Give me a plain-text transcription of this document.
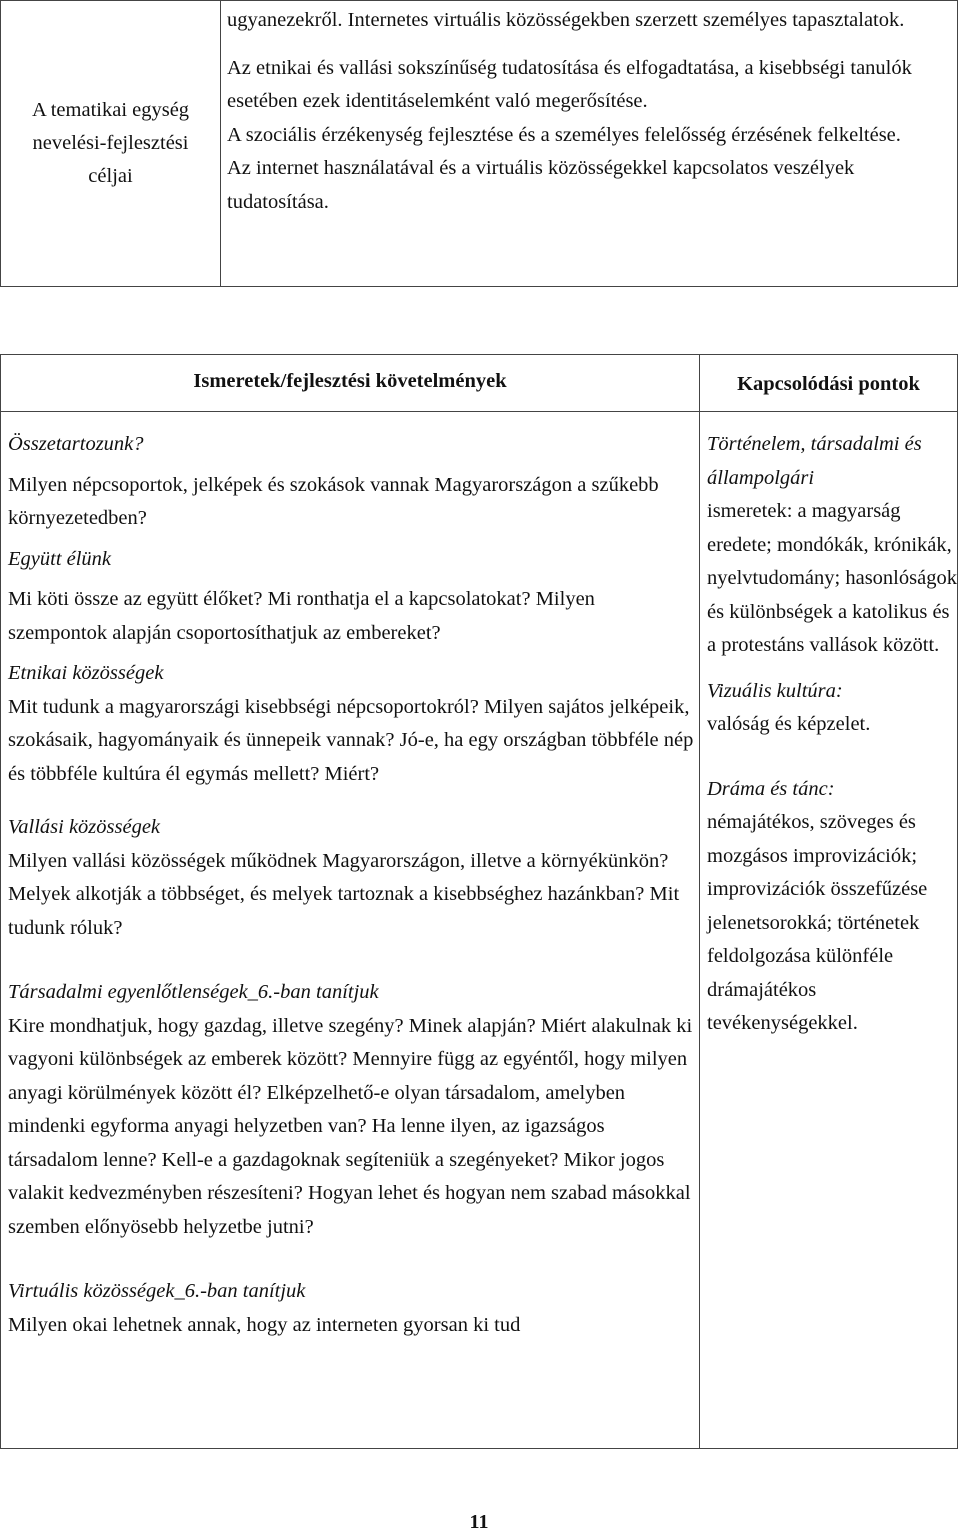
A tematikai egység
nevelési-fejlesztési
céljai

ugyanezekről. Internetes virtuális közösségekben szerzett személyes tapasztalatok.

Az etnikai és vallási sokszínűség tudatosítása és elfogadtatása, a kisebbségi tanulók esetében ezek identitáselemként való megerősítése.

A szociális érzékenység fejlesztése és a személyes felelősség érzésének felkeltése.

Az internet használatával és a virtuális közösségekkel kapcsolatos veszélyek tudatosítása.

Ismeretek/fejlesztési követelmények	Kapcsolódási pontok

Összetartozunk?

Milyen népcsoportok, jelképek és szokások vannak Magyarországon a szűkebb környezetedben?

Együtt élünk

Mi köti össze az együtt élőket? Mi ronthatja el a kapcsolatokat? Milyen szempontok alapján csoportosíthatjuk az embereket?

Etnikai közösségek

Mit tudunk a magyarországi kisebbségi népcsoportokról? Milyen sajátos jelképeik, szokásaik, hagyományaik és ünnepeik vannak? Jó-e, ha egy országban többféle nép és többféle kultúra él egymás mellett? Miért?

Vallási közösségek

Milyen vallási közösségek működnek Magyarországon, illetve a környékünkön? Melyek alkotják a többséget, és melyek tartoznak a kisebbséghez hazánkban? Mit tudunk róluk?

Társadalmi egyenlőtlenségek_6.-ban tanítjuk

Kire mondhatjuk, hogy gazdag, illetve szegény? Minek alapján? Miért alakulnak ki vagyoni különbségek az emberek között? Mennyire függ az egyéntől, hogy milyen anyagi körülmények között él? Elképzelhető-e olyan társadalom, amelyben mindenki egyforma anyagi helyzetben van? Ha lenne ilyen, az igazságos társadalom lenne? Kell-e a gazdagoknak segíteniük a szegényeket? Mikor jogos valakit kedvezményben részesíteni? Hogyan lehet és hogyan nem szabad másokkal szemben előnyösebb helyzetbe jutni?

Virtuális közösségek_6.-ban tanítjuk

Milyen okai lehetnek annak, hogy az interneten gyorsan ki tud

Történelem, társadalmi és állampolgári

ismeretek: a magyarság eredete; mondókák, krónikák, nyelvtudomány; hasonlóságok és különbségek a katolikus és a protestáns vallások között.

Vizuális kultúra:

valóság és képzelet.

Dráma és tánc:

némajátékos, szöveges és mozgásos improvizációk; improvizációk összefűzése jelenetsorokká; történetek feldolgozása különféle drámajátékos tevékenységekkel.

11
